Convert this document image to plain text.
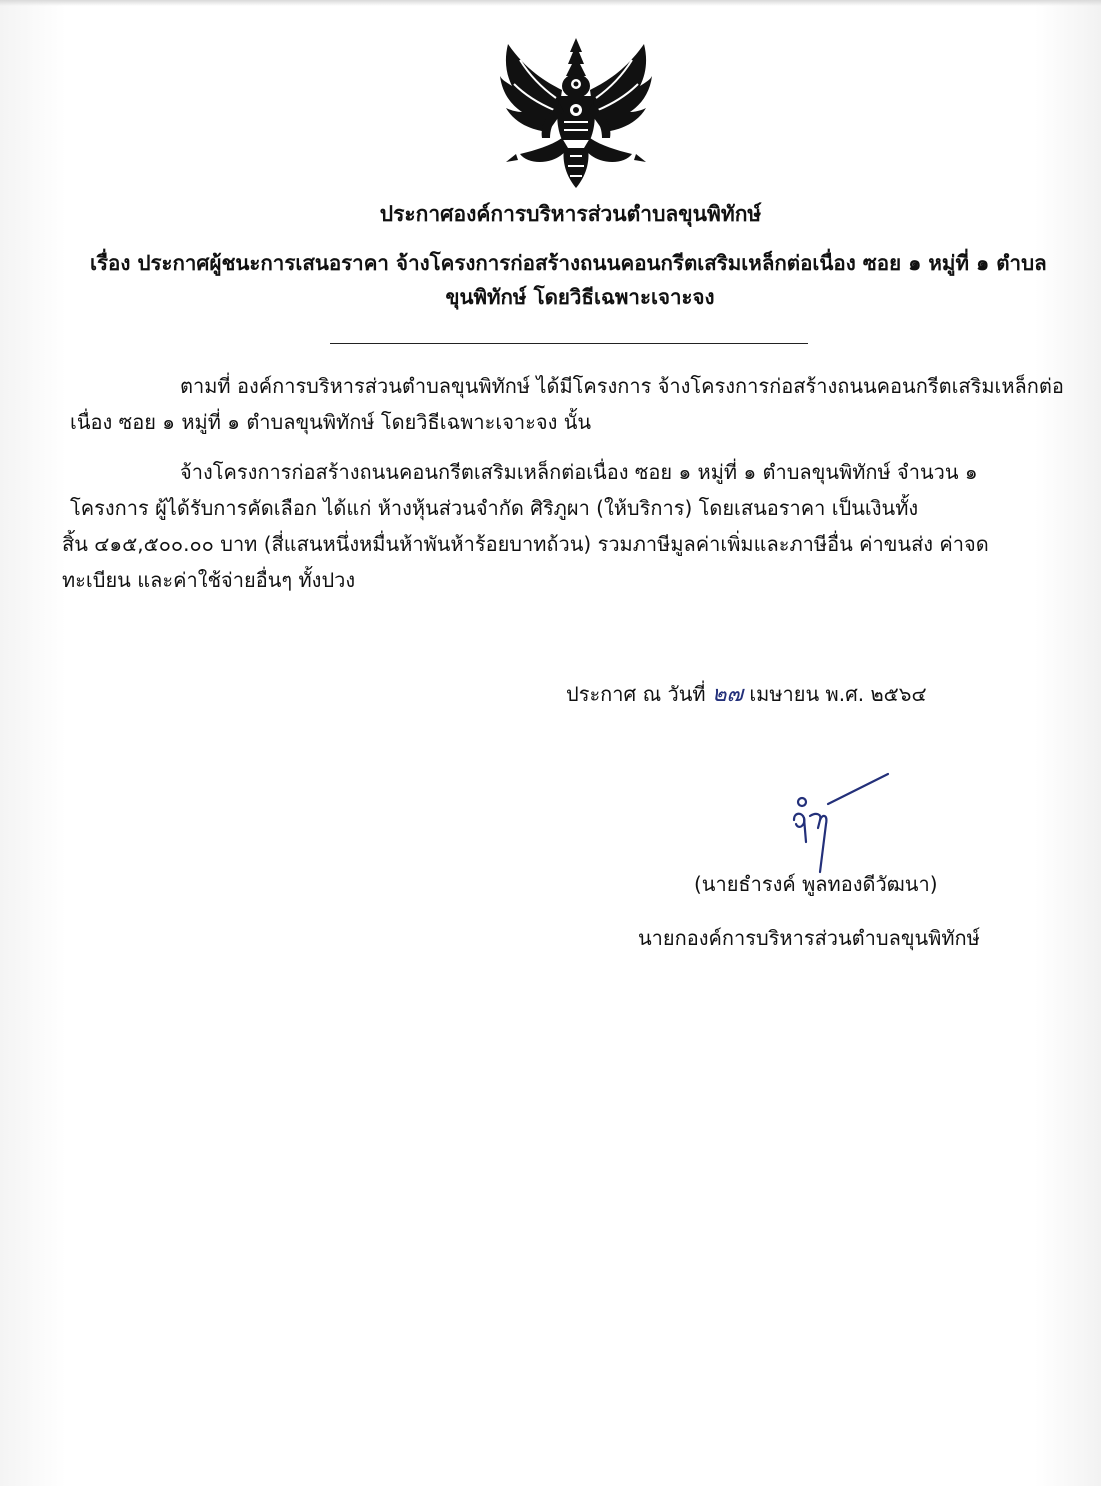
ประกาศองค์การบริหารส่วนตำบลขุนพิทักษ์
เรื่อง ประกาศผู้ชนะการเสนอราคา จ้างโครงการก่อสร้างถนนคอนกรีตเสริมเหล็กต่อเนื่อง ซอย ๑ หมู่ที่ ๑ ตำบล
ขุนพิทักษ์ โดยวิธีเฉพาะเจาะจง
ตามที่ องค์การบริหารส่วนตำบลขุนพิทักษ์ ได้มีโครงการ จ้างโครงการก่อสร้างถนนคอนกรีตเสริมเหล็กต่อ
เนื่อง ซอย ๑ หมู่ที่ ๑ ตำบลขุนพิทักษ์ โดยวิธีเฉพาะเจาะจง นั้น
จ้างโครงการก่อสร้างถนนคอนกรีตเสริมเหล็กต่อเนื่อง ซอย ๑ หมู่ที่ ๑ ตำบลขุนพิทักษ์ จำนวน ๑
โครงการ ผู้ได้รับการคัดเลือก ได้แก่ ห้างหุ้นส่วนจำกัด ศิริภูผา (ให้บริการ) โดยเสนอราคา เป็นเงินทั้ง
สิ้น ๔๑๕,๕๐๐.๐๐ บาท (สี่แสนหนึ่งหมื่นห้าพันห้าร้อยบาทถ้วน) รวมภาษีมูลค่าเพิ่มและภาษีอื่น ค่าขนส่ง ค่าจด
ทะเบียน และค่าใช้จ่ายอื่นๆ ทั้งปวง
ประกาศ ณ วันที่ ๒๗ เมษายน พ.ศ. ๒๕๖๔
(นายธำรงค์ พูลทองดีวัฒนา)
นายกองค์การบริหารส่วนตำบลขุนพิทักษ์
